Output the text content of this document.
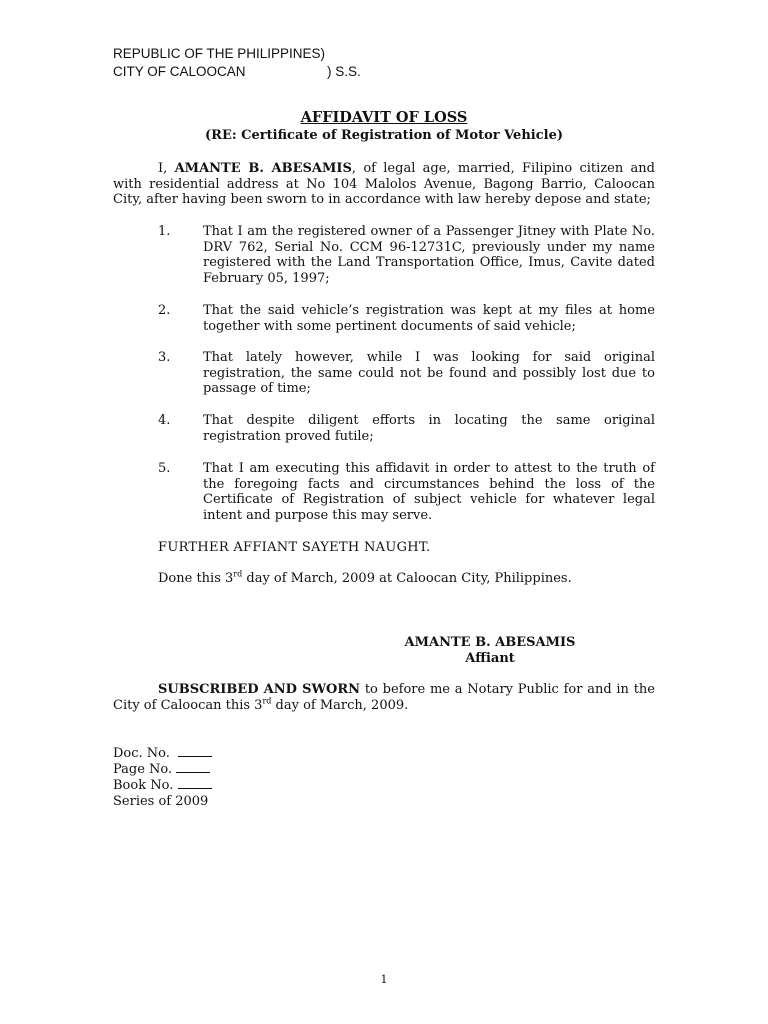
REPUBLIC OF THE PHILIPPINES)
CITY OF CALOOCAN	) S.S.
AFFIDAVIT OF LOSS
(RE: Certificate of Registration of Motor Vehicle)
I, AMANTE B. ABESAMIS, of legal age, married, Filipino citizen and with residential address at No 104 Malolos Avenue, Bagong Barrio, Caloocan City, after having been sworn to in accordance with law hereby depose and state;
1.	That I am the registered owner of a Passenger Jitney with Plate No. DRV 762, Serial No. CCM 96-12731C, previously under my name registered with the Land Transportation Office, Imus, Cavite dated February 05, 1997;
2.	That the said vehicle’s registration was kept at my files at home together with some pertinent documents of said vehicle;
3.	That lately however, while I was looking for said original registration, the same could not be found and possibly lost due to passage of time;
4.	That despite diligent efforts in locating the same original registration proved futile;
5.	That I am executing this affidavit in order to attest to the truth of the foregoing facts and circumstances behind the loss of the Certificate of Registration of subject vehicle for whatever legal intent and purpose this may serve.
FURTHER AFFIANT SAYETH NAUGHT.
Done this 3rd day of March, 2009 at Caloocan City, Philippines.
AMANTE B. ABESAMIS
Affiant
SUBSCRIBED AND SWORN to before me a Notary Public for and in the City of Caloocan this 3rd day of March, 2009.
Doc. No.
Page No.
Book No.
Series of 2009
1
